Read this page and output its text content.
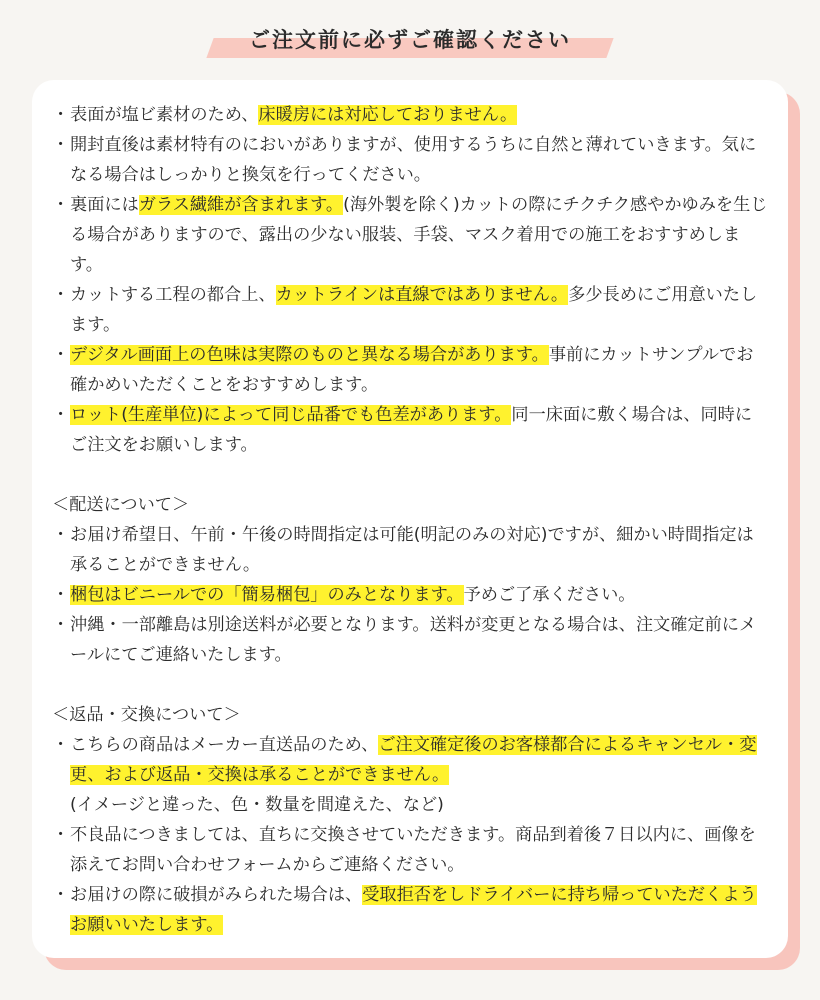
ご注文前に必ずご確認ください
・ 表面が塩ビ素材のため、床暖房には対応しておりません。
・ 開封直後は素材特有のにおいがありますが、使用するうちに自然と薄れていきます。気になる場合はしっかりと換気を行ってください。
・ 裏面にはガラス繊維が含まれます。(海外製を除く)カットの際にチクチク感やかゆみを生じる場合がありますので、露出の少ない服装、手袋、マスク着用での施工をおすすめします。
・ カットする工程の都合上、カットラインは直線ではありません。多少長めにご用意いたします。
・ デジタル画面上の色味は実際のものと異なる場合があります。事前にカットサンプルでお確かめいただくことをおすすめします。
・ ロット(生産単位)によって同じ品番でも色差があります。同一床面に敷く場合は、同時にご注文をお願いします。
＜配送について＞
・ お届け希望日、午前・午後の時間指定は可能(明記のみの対応)ですが、細かい時間指定は承ることができません。
・ 梱包はビニールでの「簡易梱包」のみとなります。予めご了承ください。
・ 沖縄・一部離島は別途送料が必要となります。送料が変更となる場合は、注文確定前にメールにてご連絡いたします。
＜返品・交換について＞
・ こちらの商品はメーカー直送品のため、ご注文確定後のお客様都合によるキャンセル・変更、および返品・交換は承ることができません。
(イメージと違った、色・数量を間違えた、など)
・ 不良品につきましては、直ちに交換させていただきます。商品到着後７日以内に、画像を添えてお問い合わせフォームからご連絡ください。
・ お届けの際に破損がみられた場合は、受取拒否をしドライバーに持ち帰っていただくようお願いいたします。
